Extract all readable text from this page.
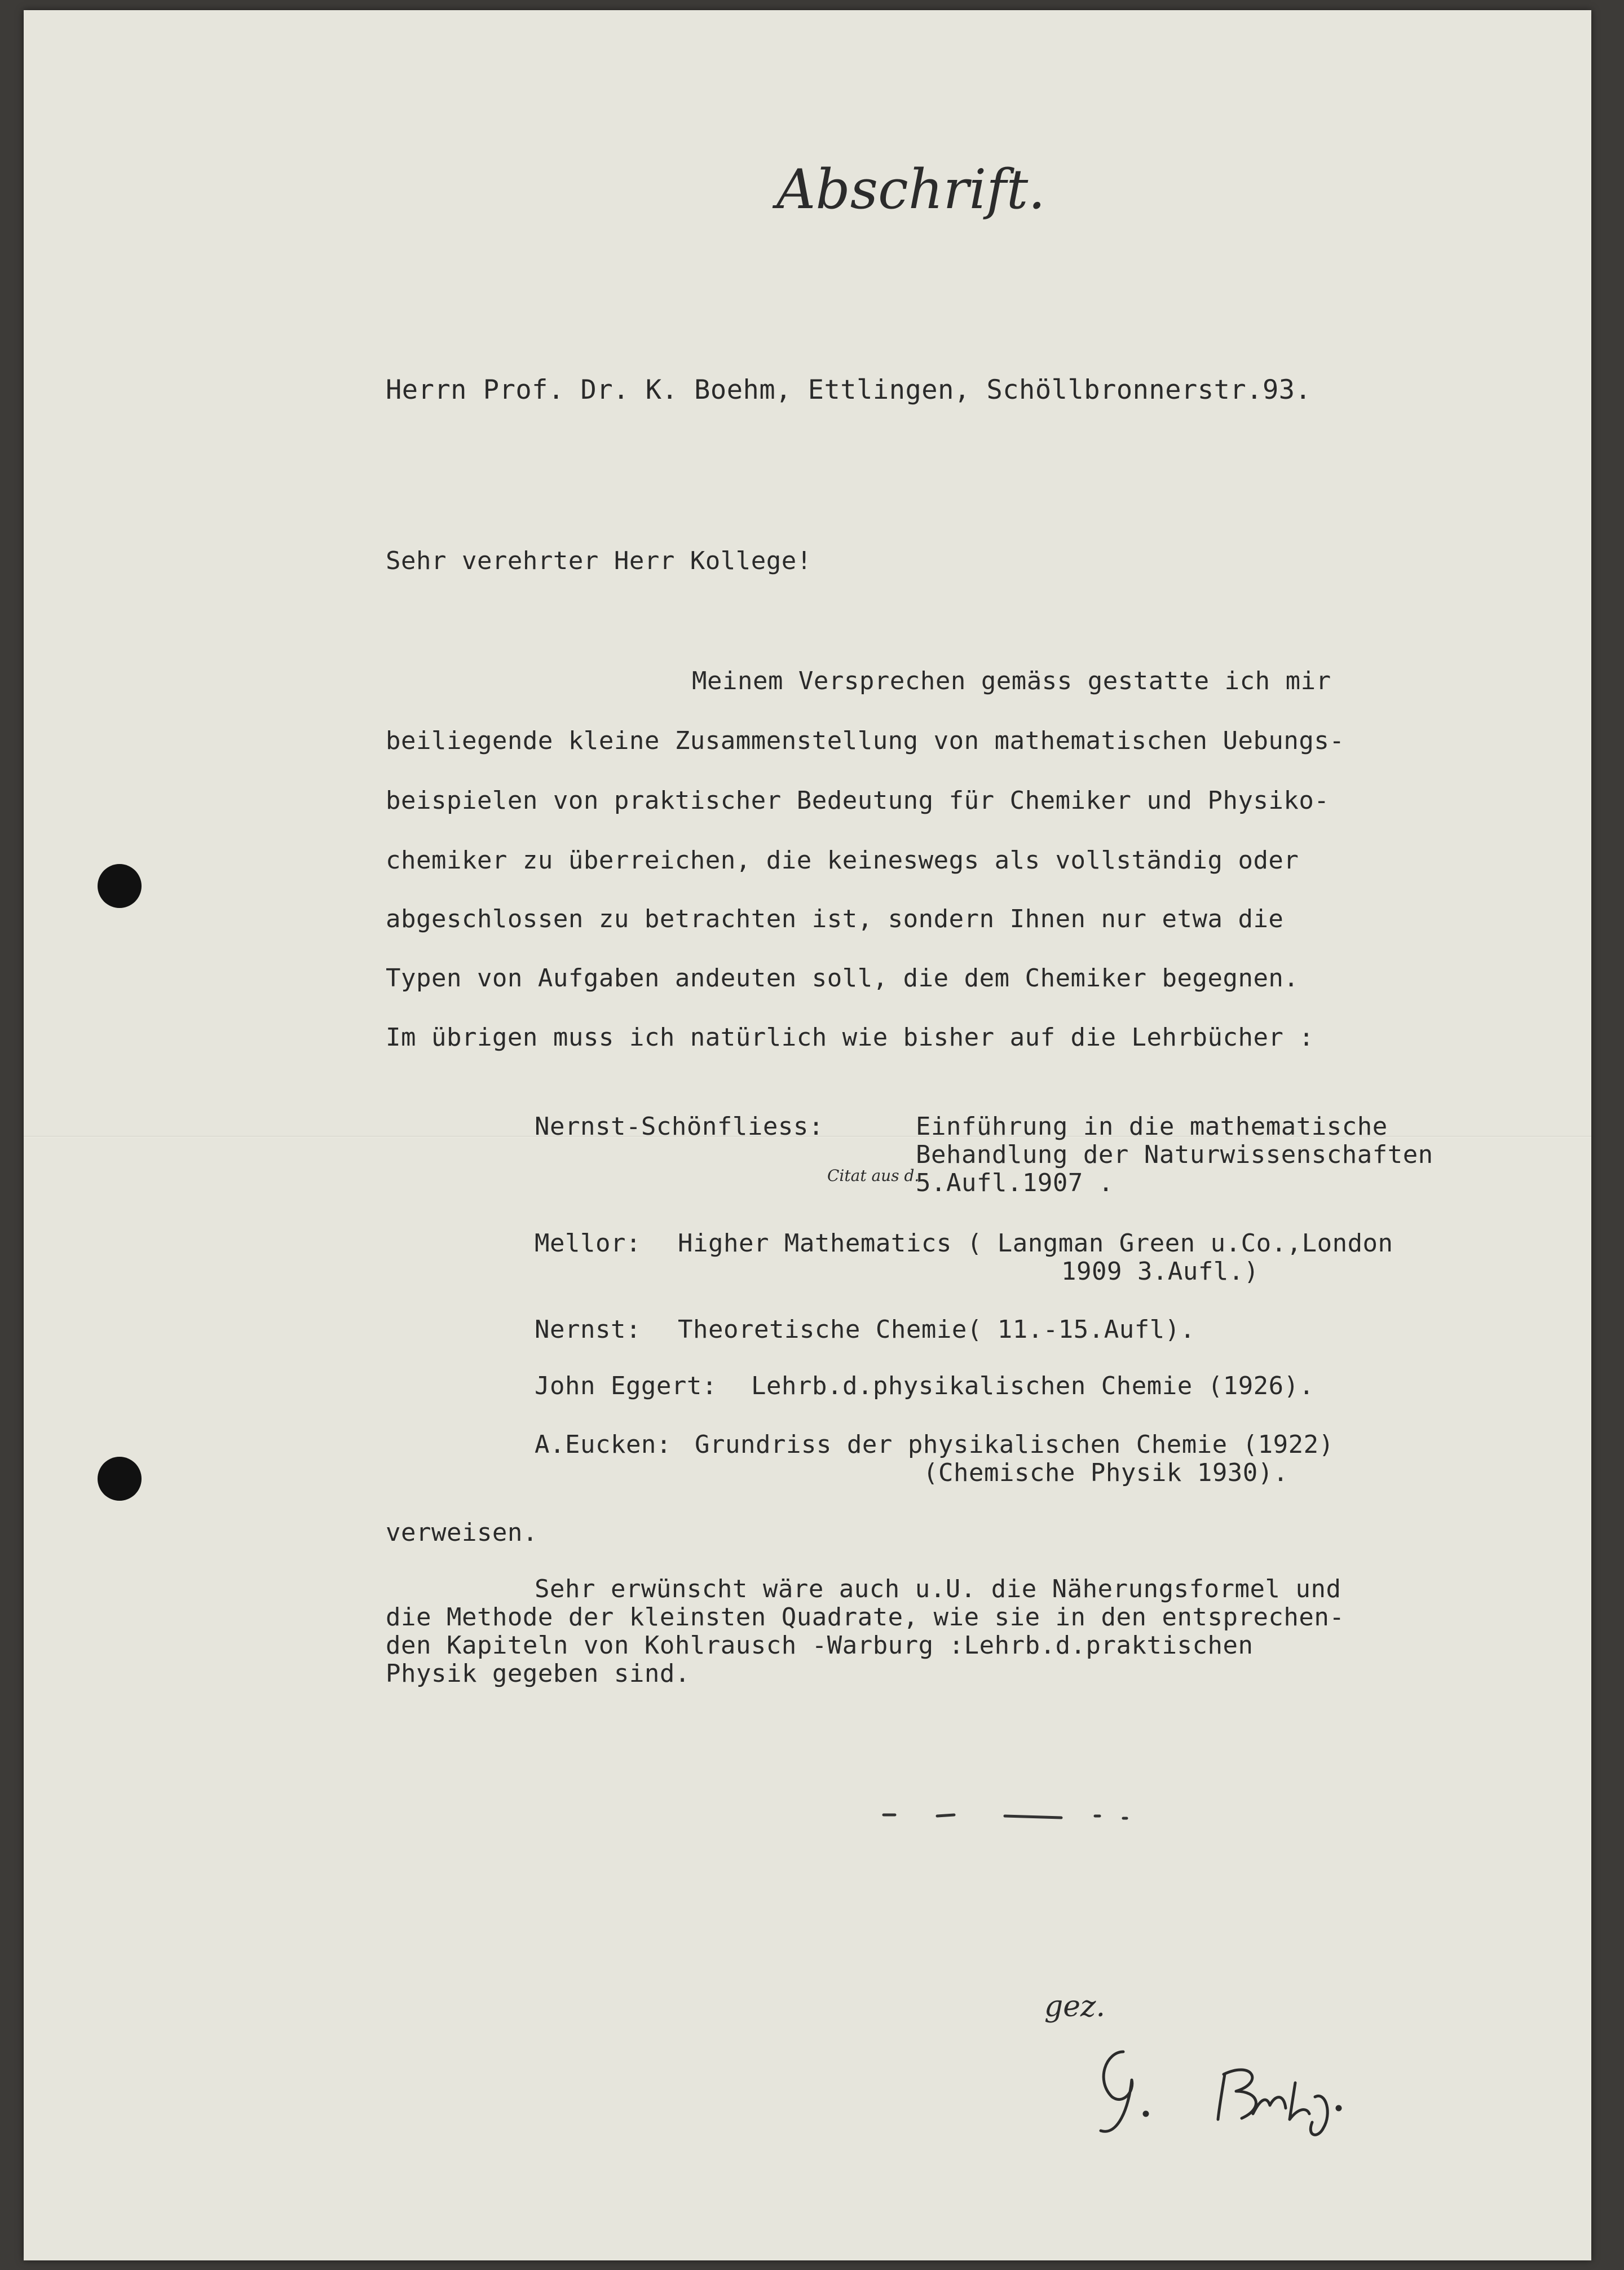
Abschrift.

Herrn Prof. Dr. K. Boehm, Ettlingen, Schöllbronnerstr.93.

Sehr verehrter Herr Kollege!

Meinem Versprechen gemäss gestatte ich mir

beiliegende kleine Zusammenstellung von mathematischen Uebungs-

beispielen von praktischer Bedeutung für Chemiker und Physiko-

chemiker zu überreichen, die keineswegs als vollständig oder

abgeschlossen zu betrachten ist, sondern Ihnen nur etwa die

Typen von Aufgaben andeuten soll, die dem Chemiker begegnen.

Im übrigen muss ich natürlich wie bisher auf die Lehrbücher :

Nernst-Schönfliess:	Einführung in die mathematische

Behandlung der Naturwissenschaften

Citat aus d.

5.Aufl.1907 .

Mellor: Higher Mathematics ( Langman Green u.Co.,London

1909 3.Aufl.)

Nernst: Theoretische Chemie( 11.-15.Aufl).

John Eggert: Lehrb.d.physikalischen Chemie (1926).

A.Eucken: Grundriss der physikalischen Chemie (1922)

(Chemische Physik 1930).

verweisen.

Sehr erwünscht wäre auch u.U. die Näherungsformel und

die Methode der kleinsten Quadrate, wie sie in den entsprechen-

den Kapiteln von Kohlrausch -Warburg :Lehrb.d.praktischen

Physik gegeben sind.

gez.
